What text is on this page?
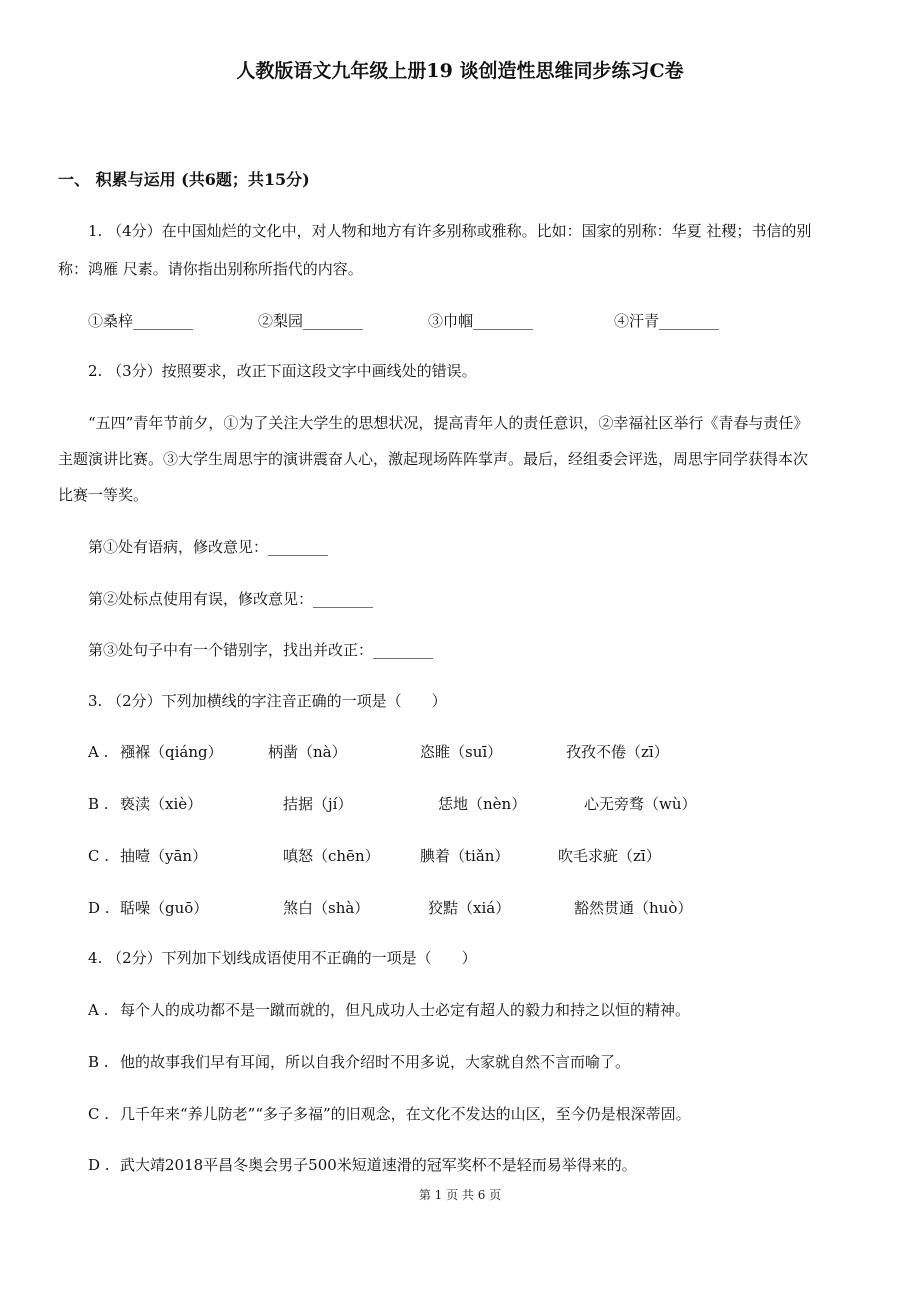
人教版语文九年级上册19 谈创造性思维同步练习C卷
一、 积累与运用 (共6题；共15分)
1. （4分）在中国灿烂的文化中，对人物和地方有许多别称或雅称。比如：国家的别称：华夏 社稷；书信的别
称：鸿雁 尺素。请你指出别称所指代的内容。
①桑梓________	②梨园________	③巾帼________	④汗青________
2. （3分）按照要求，改正下面这段文字中画线处的错误。
“五四”青年节前夕，①为了关注大学生的思想状况，提高青年人的责任意识，②幸福社区举行《青春与责任》
主题演讲比赛。③大学生周思宇的演讲震奋人心，激起现场阵阵掌声。最后，经组委会评选，周思宇同学获得本次
比赛一等奖。
第①处有语病，修改意见：________
第②处标点使用有误，修改意见：________
第③处句子中有一个错别字，找出并改正：________
3. （2分）下列加横线的字注音正确的一项是（　　）
A . 襁褓（qiáng）	柄凿（nà）	恣睢（suī）	孜孜不倦（zī）
B . 亵渎（xiè）	拮据（jí）	恁地（nèn）	心无旁骛（wù）
C . 抽噎（yān）	嗔怒（chēn）	腆着（tiǎn）	吹毛求疵（zī）
D . 聒噪（guō）	煞白（shà）	狡黠（xiá）	豁然贯通（huò）
4. （2分）下列加下划线成语使用不正确的一项是（　　）
A . 每个人的成功都不是一蹴而就的，但凡成功人士必定有超人的毅力和持之以恒的精神。
B . 他的故事我们早有耳闻，所以自我介绍时不用多说，大家就自然不言而喻了。
C . 几千年来“养儿防老”“多子多福”的旧观念，在文化不发达的山区，至今仍是根深蒂固。
D . 武大靖2018平昌冬奥会男子500米短道速滑的冠军奖杯不是轻而易举得来的。
第 1 页 共 6 页
